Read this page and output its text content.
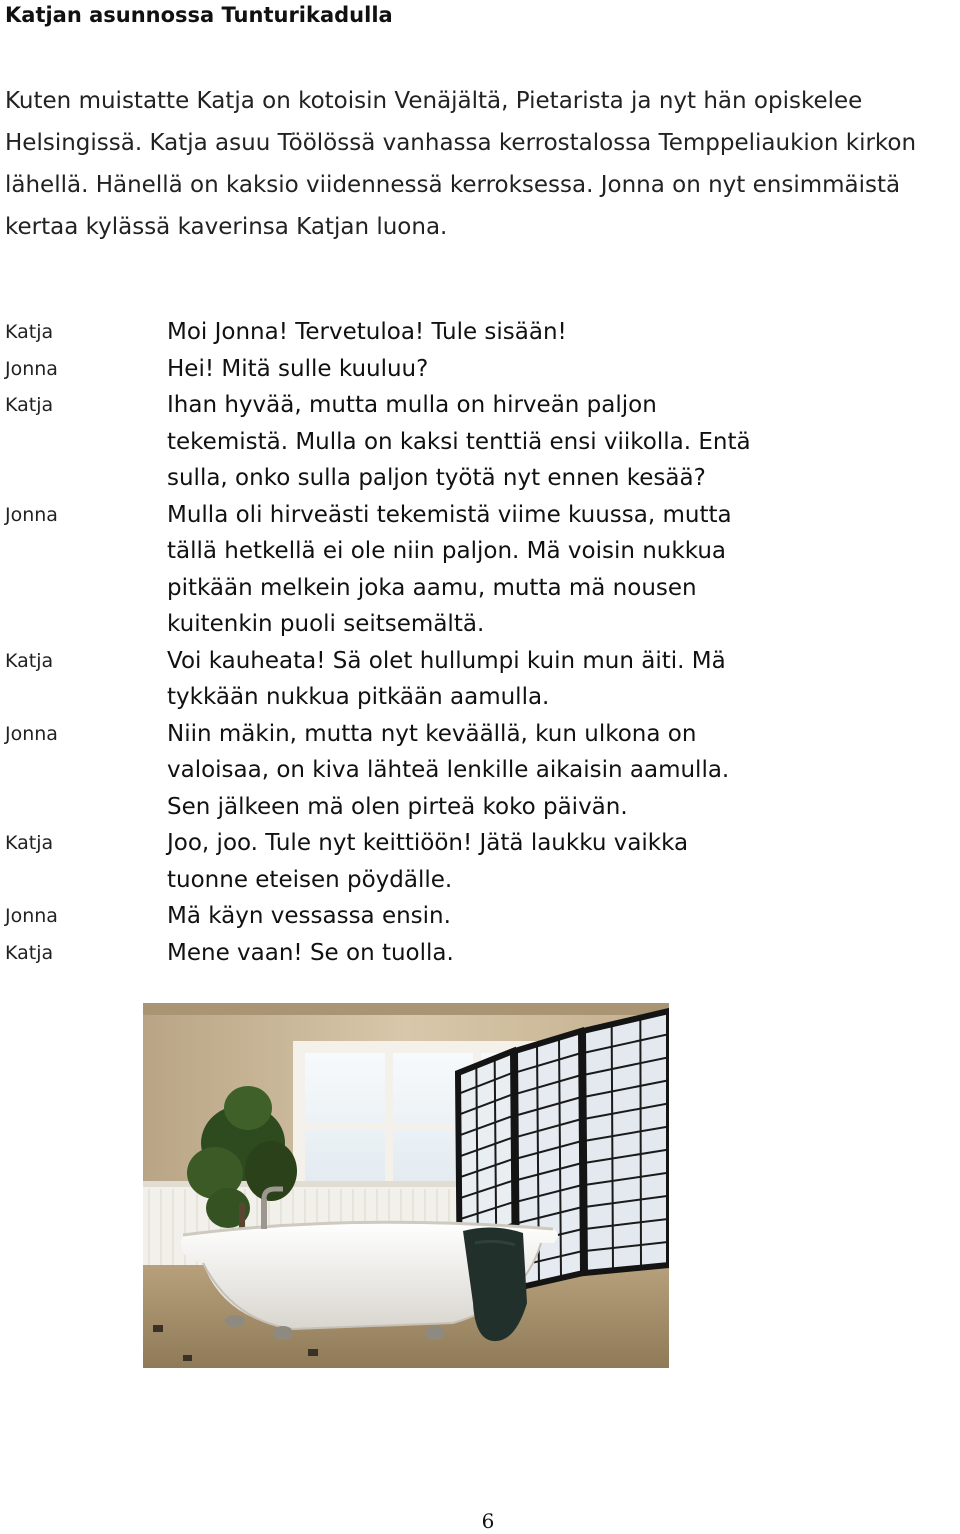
Katjan asunnossa Tunturikadulla
Kuten muistatte Katja on kotoisin Venäjältä, Pietarista ja nyt hän opiskelee
Helsingissä. Katja asuu Töölössä vanhassa kerrostalossa Temppeliaukion kirkon
lähellä. Hänellä on kaksio viidennessä kerroksessa. Jonna on nyt ensimmäistä
kertaa kylässä kaverinsa Katjan luona.
Katja	Moi Jonna! Tervetuloa! Tule sisään!
Jonna	Hei! Mitä sulle kuuluu?
Katja	Ihan hyvää, mutta mulla on hirveän paljon
tekemistä. Mulla on kaksi tenttiä ensi viikolla. Entä
sulla, onko sulla paljon työtä nyt ennen kesää?
Jonna	Mulla oli hirveästi tekemistä viime kuussa, mutta
tällä hetkellä ei ole niin paljon. Mä voisin nukkua
pitkään melkein joka aamu, mutta mä nousen
kuitenkin puoli seitsemältä.
Katja	Voi kauheata! Sä olet hullumpi kuin mun äiti. Mä
tykkään nukkua pitkään aamulla.
Jonna	Niin mäkin, mutta nyt keväällä, kun ulkona on
valoisaa, on kiva lähteä lenkille aikaisin aamulla.
Sen jälkeen mä olen pirteä koko päivän.
Katja	Joo, joo. Tule nyt keittiöön! Jätä laukku vaikka
tuonne eteisen pöydälle.
Jonna	Mä käyn vessassa ensin.
Katja	Mene vaan! Se on tuolla.
6
